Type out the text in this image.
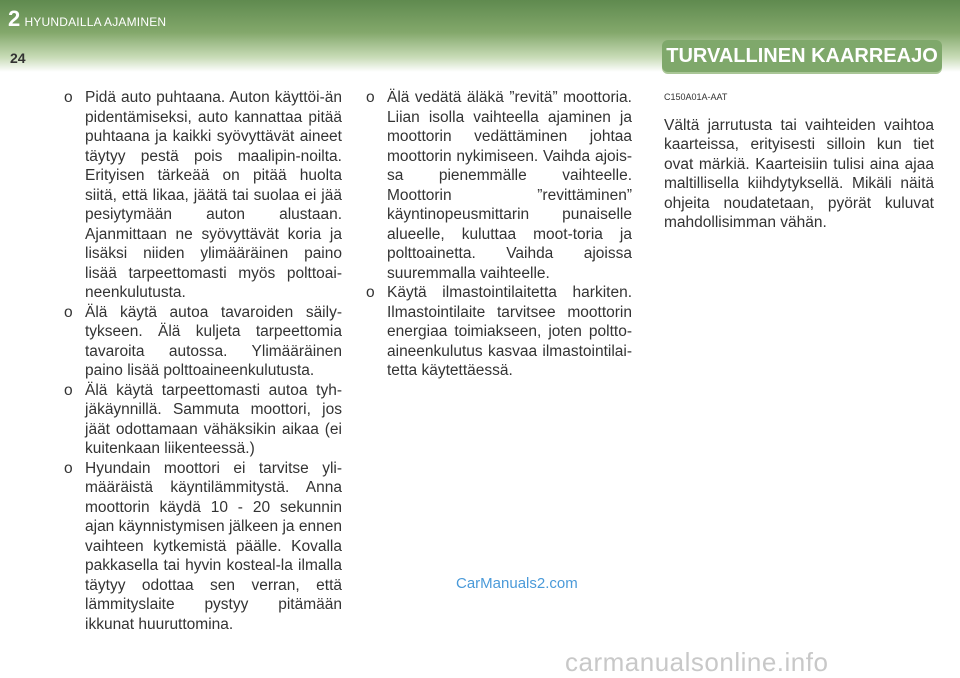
2 HYUNDAILLA AJAMINEN
24	TURVALLINEN KAARREAJO
o Pidä auto puhtaana. Auton käyttöi-än pidentämiseksi, auto kannattaa pitää puhtaana ja kaikki syövyttävät aineet täytyy pestä pois maalipin-noilta. Erityisen tärkeää on pitää huolta siitä, että likaa, jäätä tai suolaa ei jää pesiytymään auton alustaan. Ajanmittaan ne syövyttävät koria ja lisäksi niiden ylimääräinen paino lisää tarpeettomasti myös polttoai-neenkulutusta.
o Älä käytä autoa tavaroiden säily-tykseen. Älä kuljeta tarpeettomia tavaroita autossa. Ylimääräinen paino lisää polttoaineenkulutusta.
o Älä käytä tarpeettomasti autoa tyh-jäkäynnillä. Sammuta moottori, jos jäät odottamaan vähäksikin aikaa (ei kuitenkaan liikenteessä.)
o Hyundain moottori ei tarvitse yli-määräistä käyntilämmitystä. Anna moottorin käydä 10 - 20 sekunnin ajan käynnistymisen jälkeen ja ennen vaihteen kytkemistä päälle. Kovalla pakkasella tai hyvin kosteal-la ilmalla täytyy odottaa sen verran, että lämmityslaite pystyy pitämään ikkunat huuruttomina.
o Älä vedätä äläkä ”revitä” moottoria. Liian isolla vaihteella ajaminen ja moottorin vedättäminen johtaa moottorin nykimiseen. Vaihda ajois-sa pienemmälle vaihteelle. Moottorin ”revittäminen” käyntinopeusmittarin punaiselle alueelle, kuluttaa moot-toria ja polttoainetta. Vaihda ajoissa suuremmalla vaihteelle.
o Käytä ilmastointilaitetta harkiten. Ilmastointilaite tarvitsee moottorin energiaa toimiakseen, joten poltto-aineenkulutus kasvaa ilmastointilai-tetta käytettäessä.

C150A01A-AAT

Vältä jarrutusta tai vaihteiden vaihtoa kaarteissa, erityisesti silloin kun tiet ovat märkiä. Kaarteisiin tulisi aina ajaa maltillisella kiihdytyksellä. Mikäli näitä ohjeita noudatetaan, pyörät kuluvat mahdollisimman vähän.

CarManuals2.com
carmanualsonline.info
